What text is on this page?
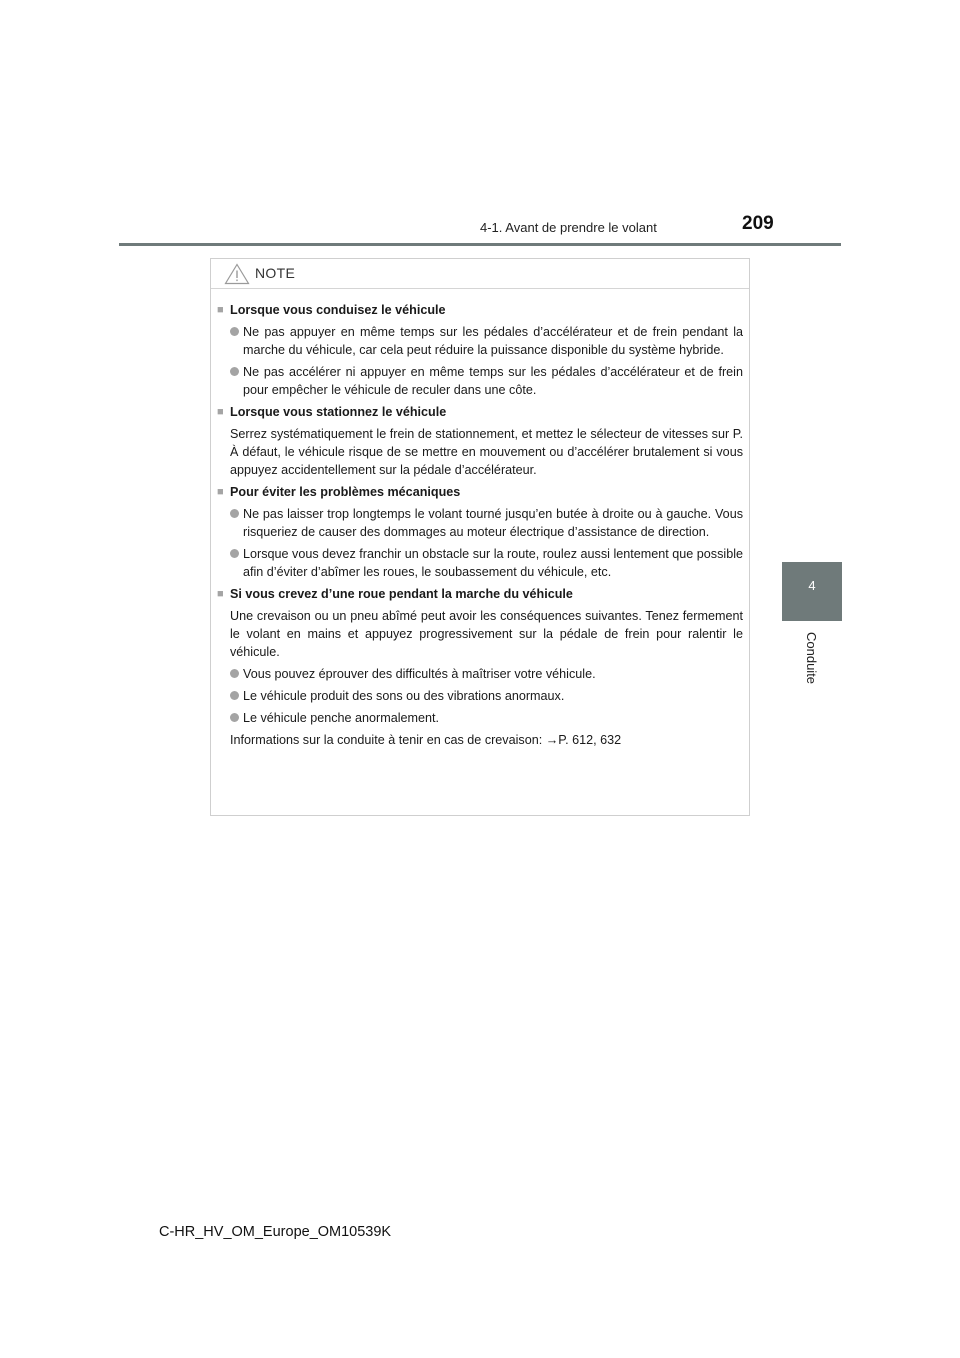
4-1. Avant de prendre le volant	209
4
Conduite
NOTE
■ Lorsque vous conduisez le véhicule
Ne pas appuyer en même temps sur les pédales d’accélérateur et de frein pendant la marche du véhicule, car cela peut réduire la puissance disponible du système hybride.
Ne pas accélérer ni appuyer en même temps sur les pédales d’accélérateur et de frein pour empêcher le véhicule de reculer dans une côte.
■ Lorsque vous stationnez le véhicule
Serrez systématiquement le frein de stationnement, et mettez le sélecteur de vitesses sur P. À défaut, le véhicule risque de se mettre en mouvement ou d’accélérer brutalement si vous appuyez accidentellement sur la pédale d’accélérateur.
■ Pour éviter les problèmes mécaniques
Ne pas laisser trop longtemps le volant tourné jusqu’en butée à droite ou à gauche. Vous risqueriez de causer des dommages au moteur électrique d’assistance de direction.
Lorsque vous devez franchir un obstacle sur la route, roulez aussi lentement que possible afin d’éviter d’abîmer les roues, le soubassement du véhicule, etc.
■ Si vous crevez d’une roue pendant la marche du véhicule
Une crevaison ou un pneu abîmé peut avoir les conséquences suivantes. Tenez fermement le volant en mains et appuyez progressivement sur la pédale de frein pour ralentir le véhicule.
Vous pouvez éprouver des difficultés à maîtriser votre véhicule.
Le véhicule produit des sons ou des vibrations anormaux.
Le véhicule penche anormalement.
Informations sur la conduite à tenir en cas de crevaison: →P. 612, 632
C-HR_HV_OM_Europe_OM10539K
